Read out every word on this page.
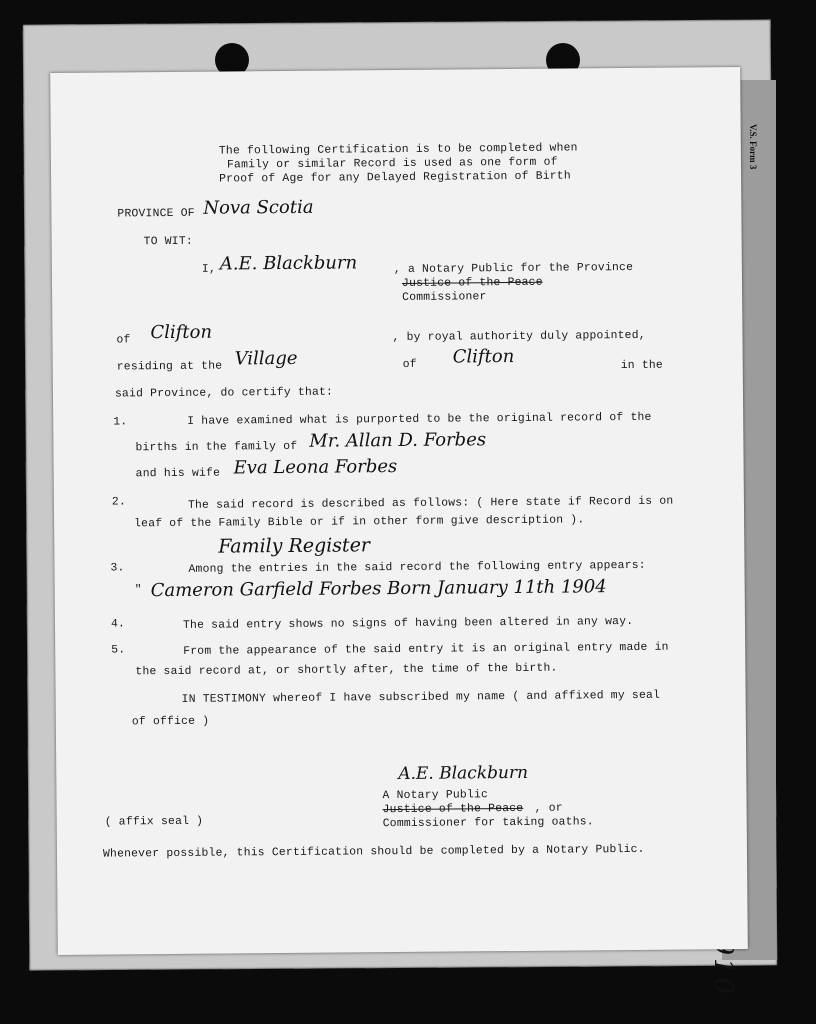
V.S. Form 3
The following Certification is to be completed when
Family or similar Record is used as one form of
Proof of Age for any Delayed Registration of Birth
PROVINCE OF Nova Scotia
TO WIT:
I, A.E. Blackburn	, a Notary Public for the Province
Justice of the Peace
Commissioner
of Clifton	, by royal authority duly appointed,
residing at the Village	of Clifton	in the
said Province, do certify that:
1.	I have examined what is purported to be the original record of the
births in the family of Mr. Allan D. Forbes
and his wife Eva Leona Forbes
2.	The said record is described as follows: ( Here state if Record is on
leaf of the Family Bible or if in other form give description ).
Family Register
3.	Among the entries in the said record the following entry appears:
" Cameron Garfield Forbes Born January 11th 1904
4.	The said entry shows no signs of having been altered in any way.
5.	From the appearance of the said entry it is an original entry made in
the said record at, or shortly after, the time of the birth.
IN TESTIMONY whereof I have subscribed my name ( and affixed my seal
of office )
A.E. Blackburn
A Notary Public
Justice of the Peace , or
Commissioner for taking oaths.
( affix seal )
Whenever possible, this Certification should be completed by a Notary Public.
